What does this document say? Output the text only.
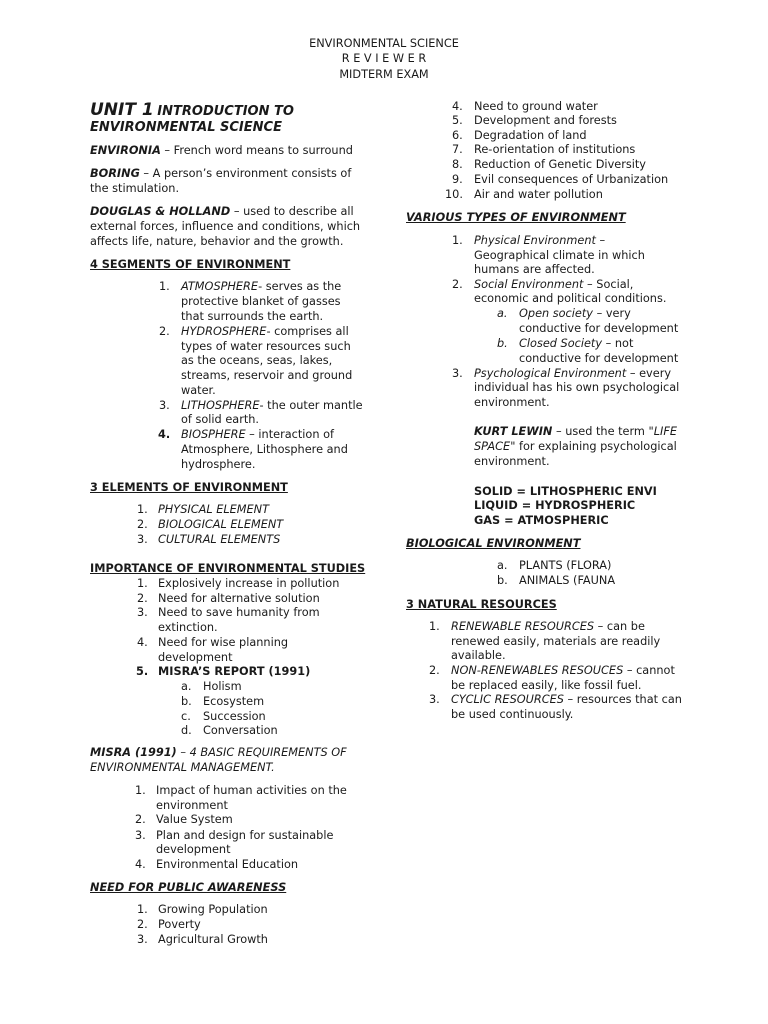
ENVIRONMENTAL SCIENCE
R E V I E W E R
MIDTERM EXAM
UNIT 1 INTRODUCTION TO
ENVIRONMENTAL SCIENCE
ENVIRONIA – French word means to surround
BORING – A person’s environment consists of
the stimulation.
DOUGLAS & HOLLAND – used to describe all
external forces, influence and conditions, which
affects life, nature, behavior and the growth.
4 SEGMENTS OF ENVIRONMENT
1. ATMOSPHERE- serves as the
protective blanket of gasses
that surrounds the earth.
2. HYDROSPHERE- comprises all
types of water resources such
as the oceans, seas, lakes,
streams, reservoir and ground
water.
3. LITHOSPHERE- the outer mantle
of solid earth.
4. BIOSPHERE – interaction of
Atmosphere, Lithosphere and
hydrosphere.
3 ELEMENTS OF ENVIRONMENT
1. PHYSICAL ELEMENT
2. BIOLOGICAL ELEMENT
3. CULTURAL ELEMENTS
IMPORTANCE OF ENVIRONMENTAL STUDIES
1. Explosively increase in pollution
2. Need for alternative solution
3. Need to save humanity from
extinction.
4. Need for wise planning
development
5. MISRA’S REPORT (1991)
a. Holism
b. Ecosystem
c. Succession
d. Conversation
MISRA (1991) – 4 BASIC REQUIREMENTS OF
ENVIRONMENTAL MANAGEMENT.
1. Impact of human activities on the
environment
2. Value System
3. Plan and design for sustainable
development
4. Environmental Education
NEED FOR PUBLIC AWARENESS
1. Growing Population
2. Poverty
3. Agricultural Growth
4. Need to ground water
5. Development and forests
6. Degradation of land
7. Re-orientation of institutions
8. Reduction of Genetic Diversity
9. Evil consequences of Urbanization
10. Air and water pollution
VARIOUS TYPES OF ENVIRONMENT
1. Physical Environment –
Geographical climate in which
humans are affected.
2. Social Environment – Social,
economic and political conditions.
a. Open society – very
conductive for development
b. Closed Society – not
conductive for development
3. Psychological Environment – every
individual has his own psychological
environment.
KURT LEWIN – used the term "LIFE
SPACE" for explaining psychological
environment.
SOLID = LITHOSPHERIC ENVI
LIQUID = HYDROSPHERIC
GAS = ATMOSPHERIC
BIOLOGICAL ENVIRONMENT
a. PLANTS (FLORA)
b. ANIMALS (FAUNA
3 NATURAL RESOURCES
1. RENEWABLE RESOURCES – can be
renewed easily, materials are readily
available.
2. NON-RENEWABLES RESOUCES – cannot
be replaced easily, like fossil fuel.
3. CYCLIC RESOURCES – resources that can
be used continuously.
